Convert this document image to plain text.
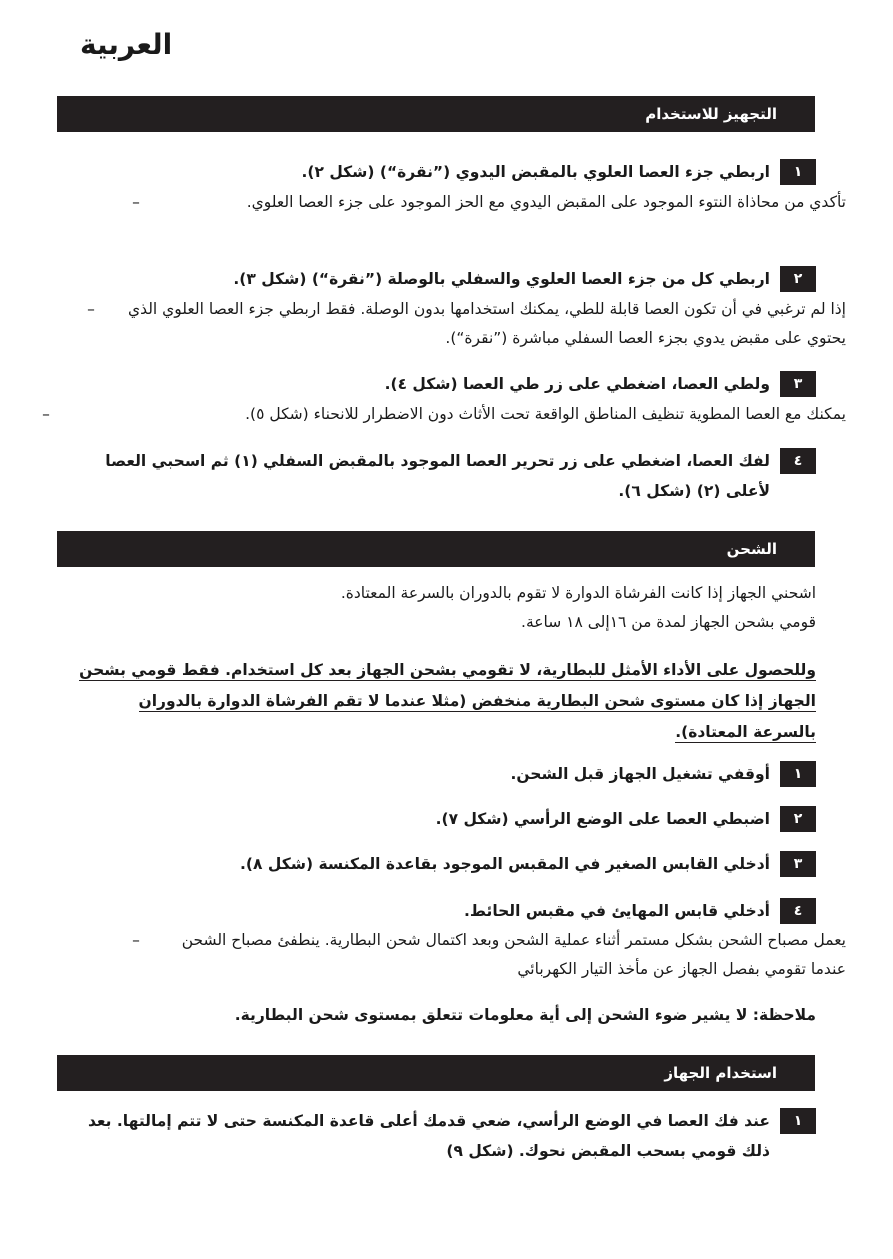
العربية
التجهيز للاستخدام
١
اربطي جزء العصا العلوي بالمقبض اليدوي (”نقرة“) (شكل ٢).
–	تأكدي من محاذاة النتوء الموجود على المقبض اليدوي مع الحز الموجود على جزء العصا العلوي.
٢
اربطي كل من جزء العصا العلوي والسفلي بالوصلة (”نقرة“) (شكل ٣).
–	إذا لم ترغبي في أن تكون العصا قابلة للطي، يمكنك استخدامها بدون الوصلة. فقط اربطي جزء العصا العلوي الذي يحتوي على مقبض يدوي بجزء العصا السفلي مباشرة (”نقرة“).
٣
ولطي العصا، اضغطي على زر طي العصا (شكل ٤).
–	يمكنك مع العصا المطوية تنظيف المناطق الواقعة تحت الأثاث دون الاضطرار للانحناء (شكل ٥).
٤
لفك العصا، اضغطي على زر تحرير العصا الموجود بالمقبض السفلي (١) ثم اسحبي العصا لأعلى (٢) (شكل ٦).
الشحن
اشحني الجهاز إذا كانت الفرشاة الدوارة لا تقوم بالدوران بالسرعة المعتادة.
قومي بشحن الجهاز لمدة من ١٦إلى ١٨ ساعة.
وللحصول على الأداء الأمثل للبطارية، لا تقومي بشحن الجهاز بعد كل استخدام. فقط قومي بشحن الجهاز إذا كان مستوى شحن البطارية منخفض (مثلا عندما لا تقم الفرشاة الدوارة بالدوران بالسرعة المعتادة).
١
أوقفي تشغيل الجهاز قبل الشحن.
٢
اضبطي العصا على الوضع الرأسي (شكل ٧).
٣
أدخلي القابس الصغير في المقبس الموجود بقاعدة المكنسة (شكل ٨).
٤
أدخلي قابس المهايئ في مقبس الحائط.
–	يعمل مصباح الشحن بشكل مستمر أثناء عملية الشحن وبعد اكتمال شحن البطارية. ينطفئ مصباح الشحن عندما تقومي بفصل الجهاز عن مأخذ التيار الكهربائي
ملاحظة: لا يشير ضوء الشحن إلى أية معلومات تتعلق بمستوى شحن البطارية.
استخدام الجهاز
١
عند فك العصا في الوضع الرأسي، ضعي قدمك أعلى قاعدة المكنسة حتى لا تتم إمالتها. بعد ذلك قومي بسحب المقبض نحوك. (شكل ٩)
